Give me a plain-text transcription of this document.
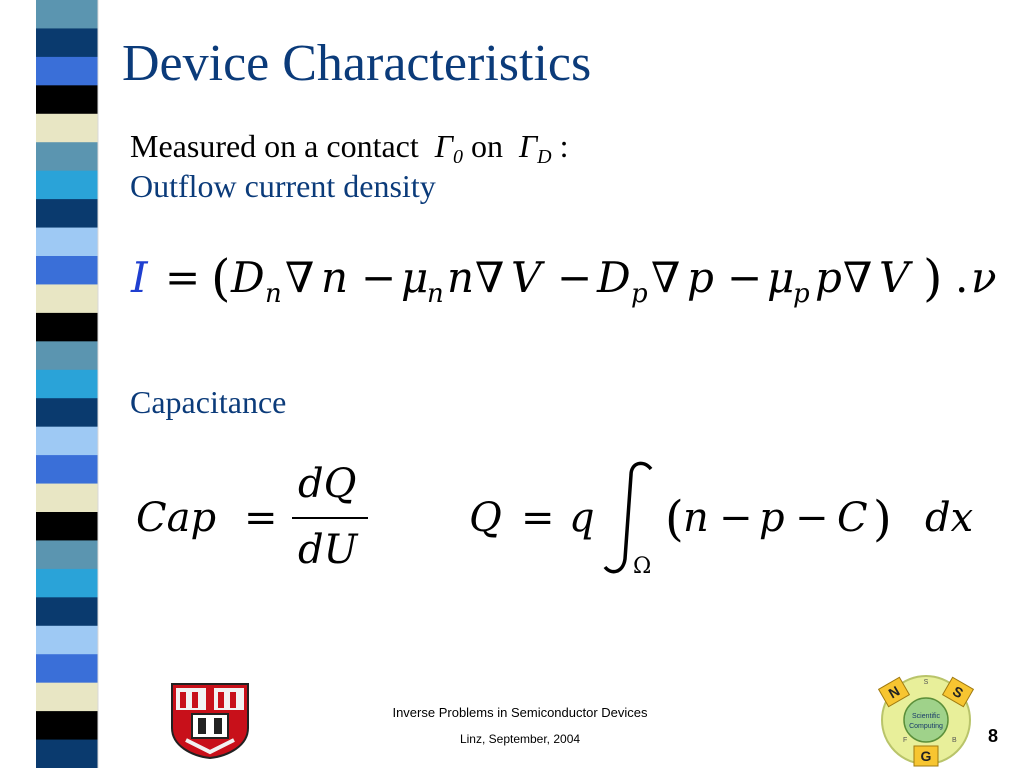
Device Characteristics

Measured on a contact $\Gamma_0$ on $\Gamma_D$ :

Outflow current density

I = ( D n ∇ n − μ
n n ∇ V − D p ∇ p − μ
p p ∇ V ) . ν

Capacitance

Cap =
dQ
dU
Q = q
Ω
( n − p − C ) dx
Scientific
Computing
N	S
G
S
F	B

Inverse Problems in Semiconductor Devices

Linz, September, 2004	8
